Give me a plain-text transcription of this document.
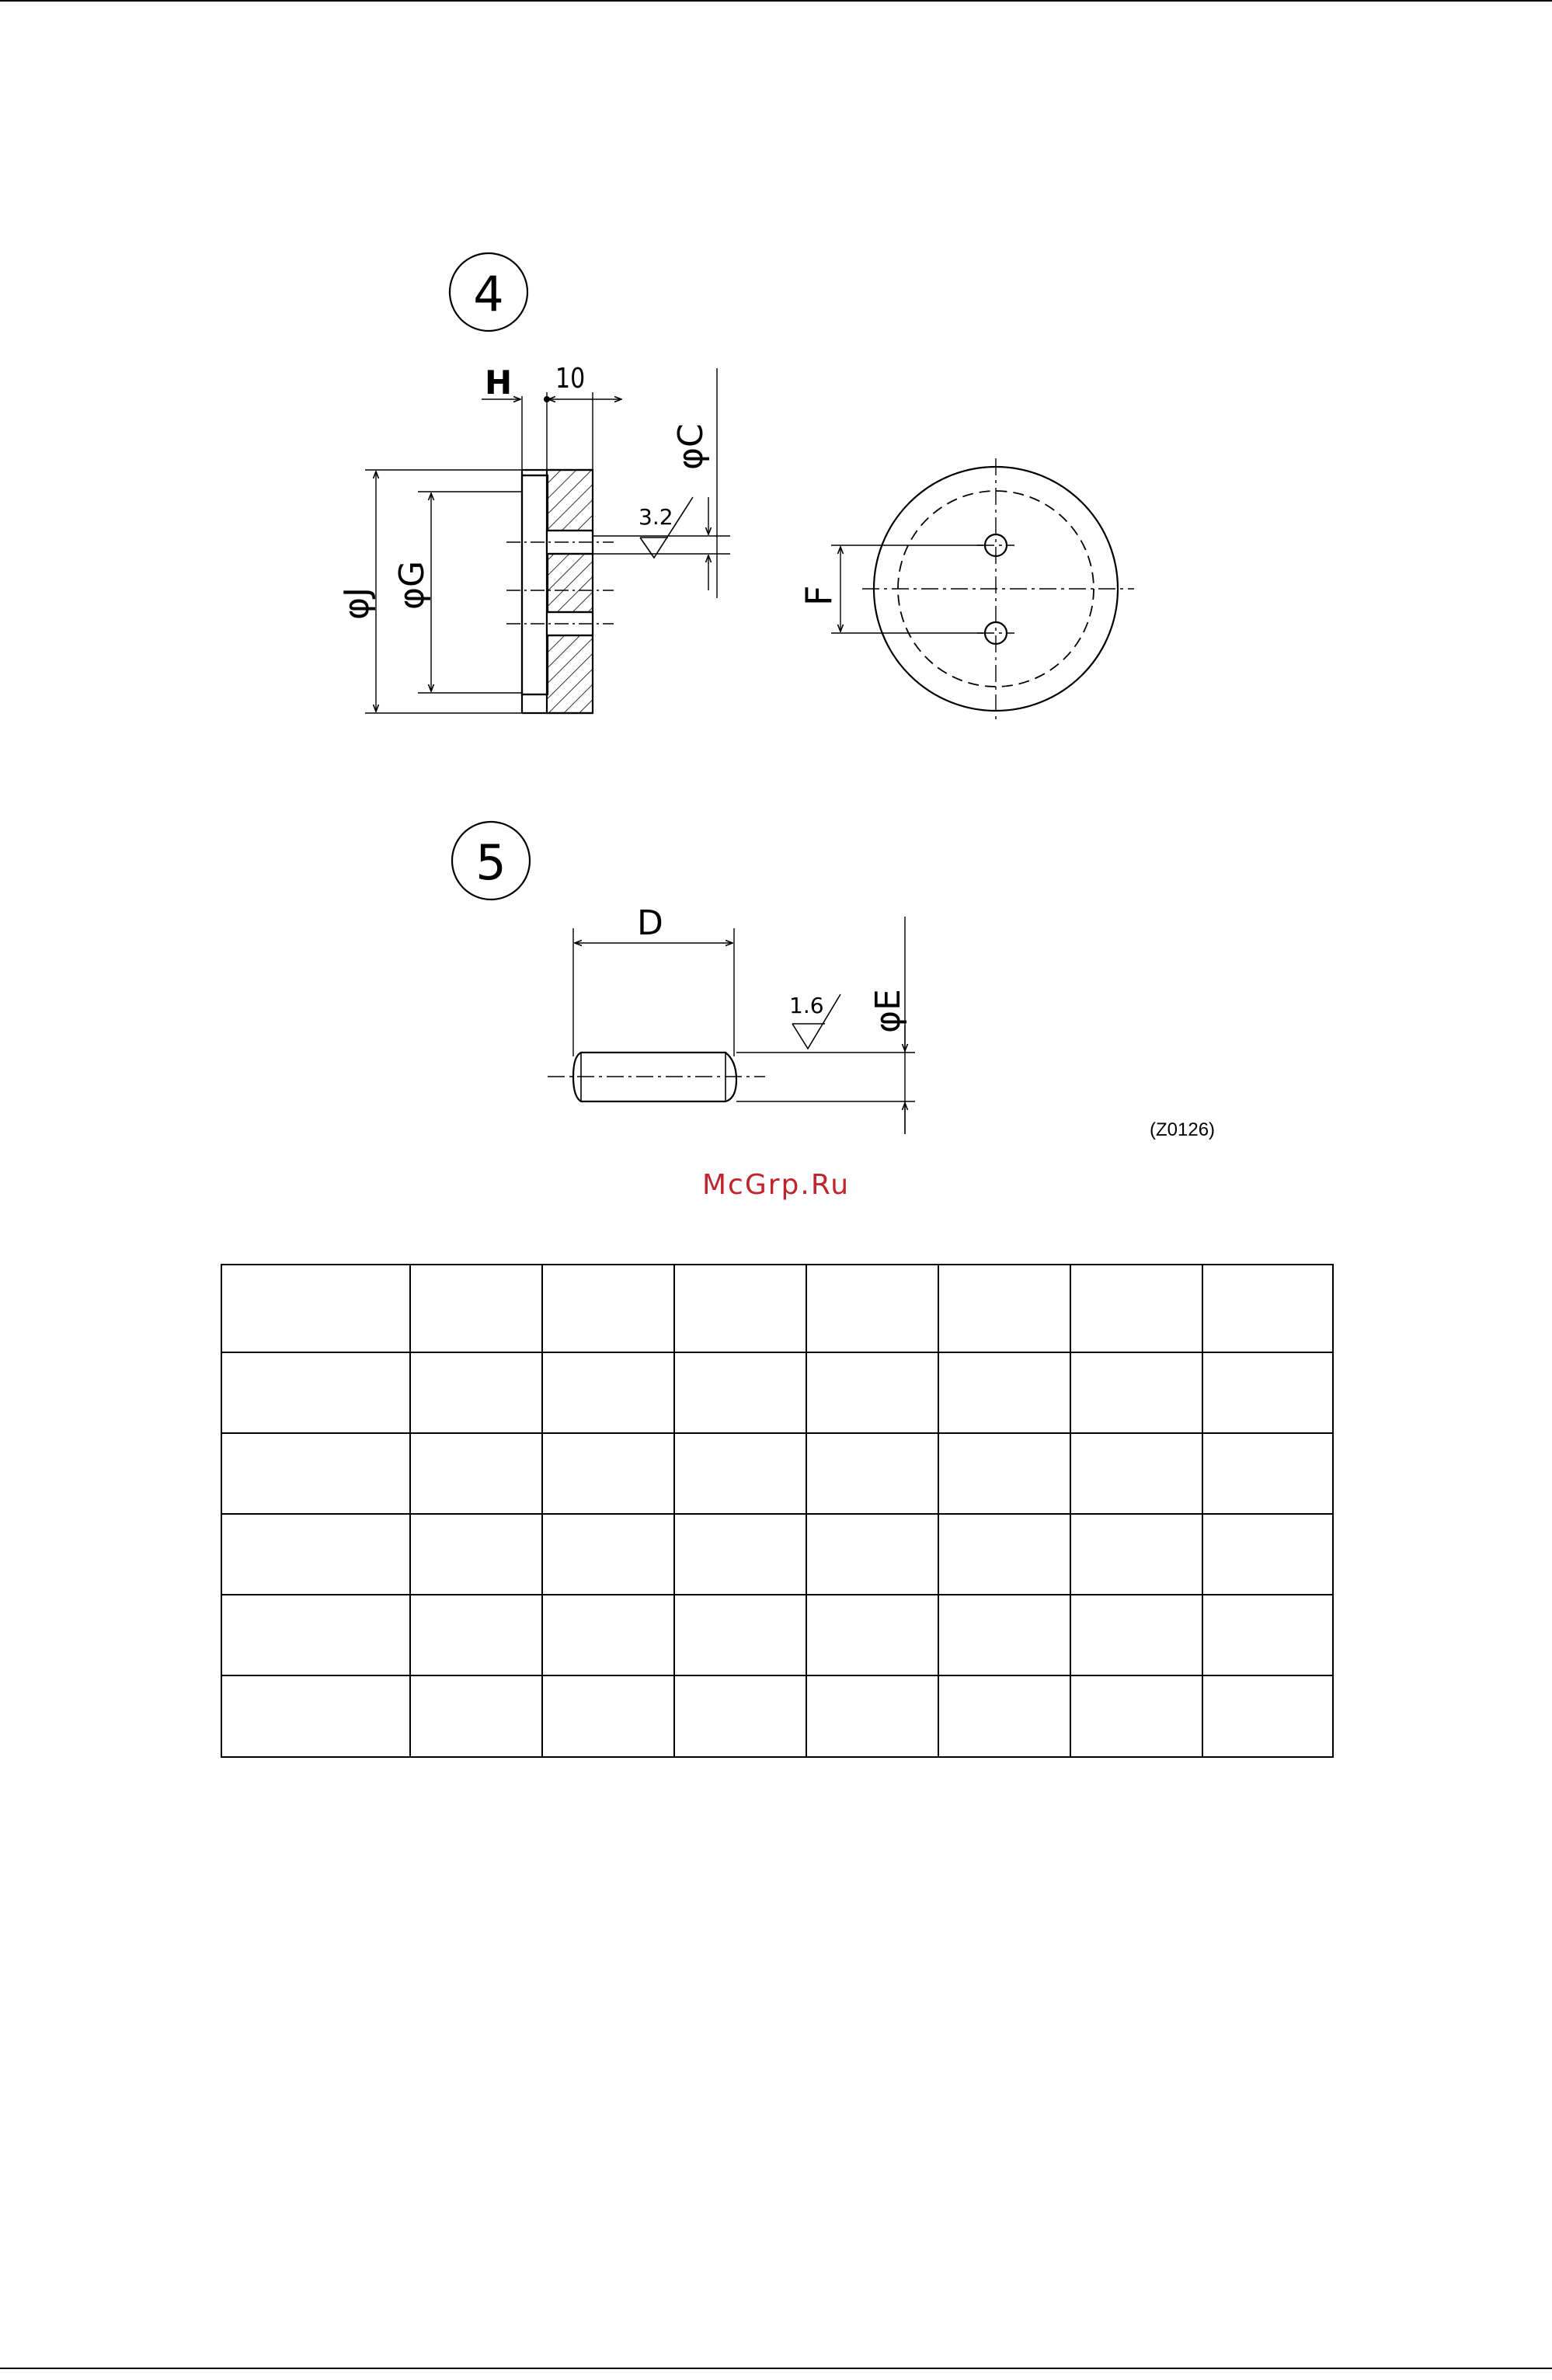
4
H 10
3.2
φC
φJ φG	F
5
D
1.6 φE
(Z0126)
McGrp.Ru
